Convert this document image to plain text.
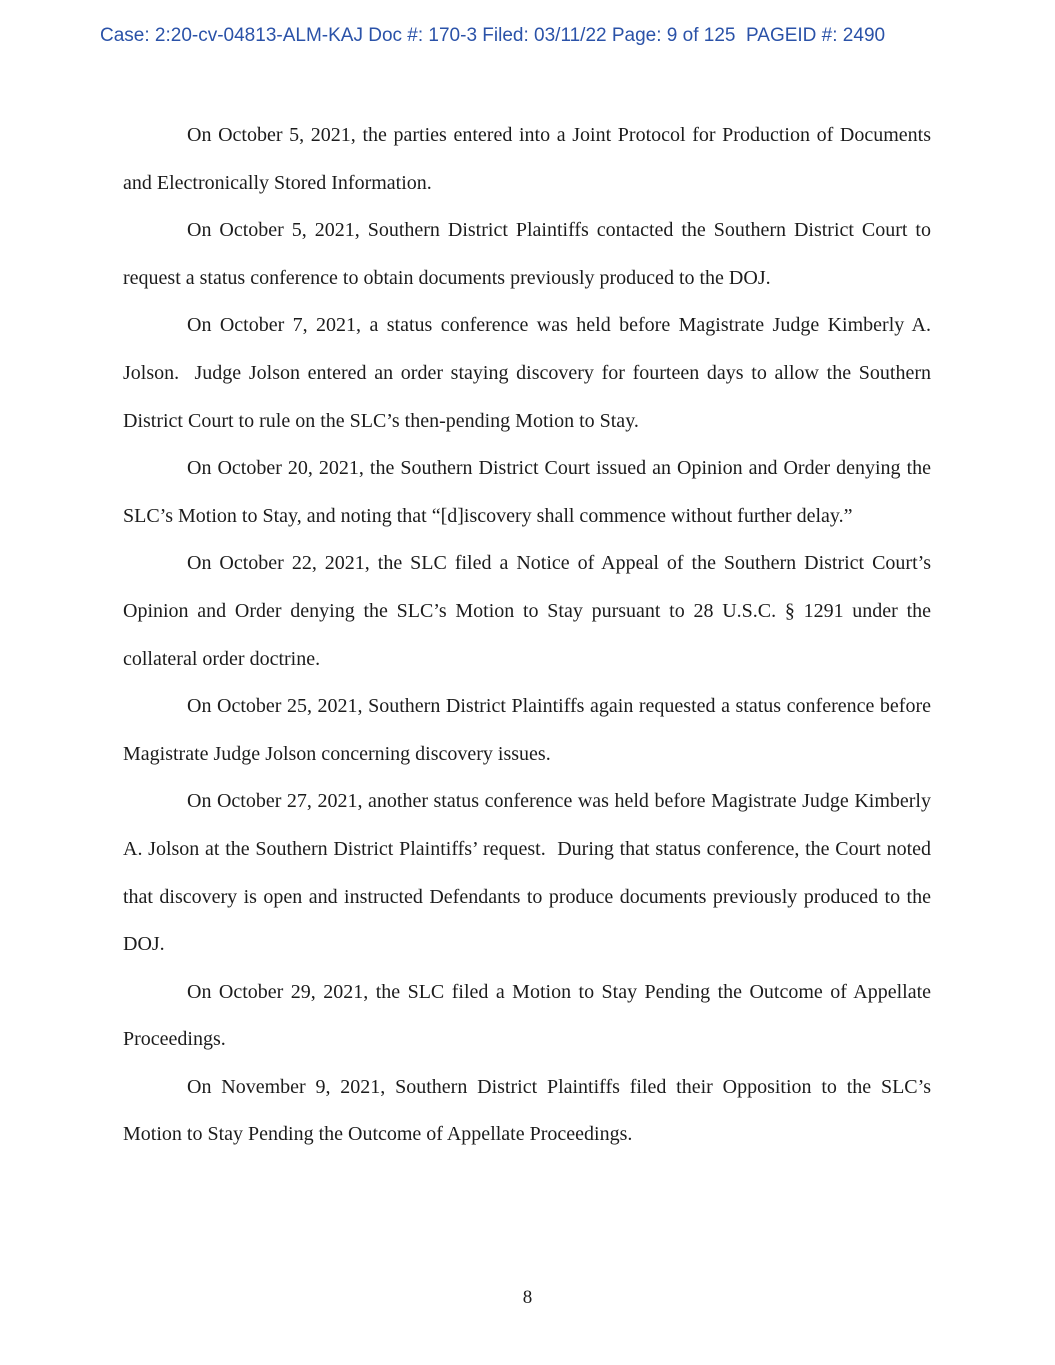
Case: 2:20-cv-04813-ALM-KAJ Doc #: 170-3 Filed: 03/11/22 Page: 9 of 125  PAGEID #: 2490

On October 5, 2021, the parties entered into a Joint Protocol for Production of Documents and Electronically Stored Information.

On October 5, 2021, Southern District Plaintiffs contacted the Southern District Court to request a status conference to obtain documents previously produced to the DOJ.

On October 7, 2021, a status conference was held before Magistrate Judge Kimberly A. Jolson.  Judge Jolson entered an order staying discovery for fourteen days to allow the Southern District Court to rule on the SLC’s then-pending Motion to Stay.

On October 20, 2021, the Southern District Court issued an Opinion and Order denying the SLC’s Motion to Stay, and noting that “[d]iscovery shall commence without further delay.”

On October 22, 2021, the SLC filed a Notice of Appeal of the Southern District Court’s Opinion and Order denying the SLC’s Motion to Stay pursuant to 28 U.S.C. § 1291 under the collateral order doctrine.

On October 25, 2021, Southern District Plaintiffs again requested a status conference before Magistrate Judge Jolson concerning discovery issues.

On October 27, 2021, another status conference was held before Magistrate Judge Kimberly A. Jolson at the Southern District Plaintiffs’ request.  During that status conference, the Court noted that discovery is open and instructed Defendants to produce documents previously produced to the DOJ.

On October 29, 2021, the SLC filed a Motion to Stay Pending the Outcome of Appellate Proceedings.

On November 9, 2021, Southern District Plaintiffs filed their Opposition to the SLC’s Motion to Stay Pending the Outcome of Appellate Proceedings.

8
